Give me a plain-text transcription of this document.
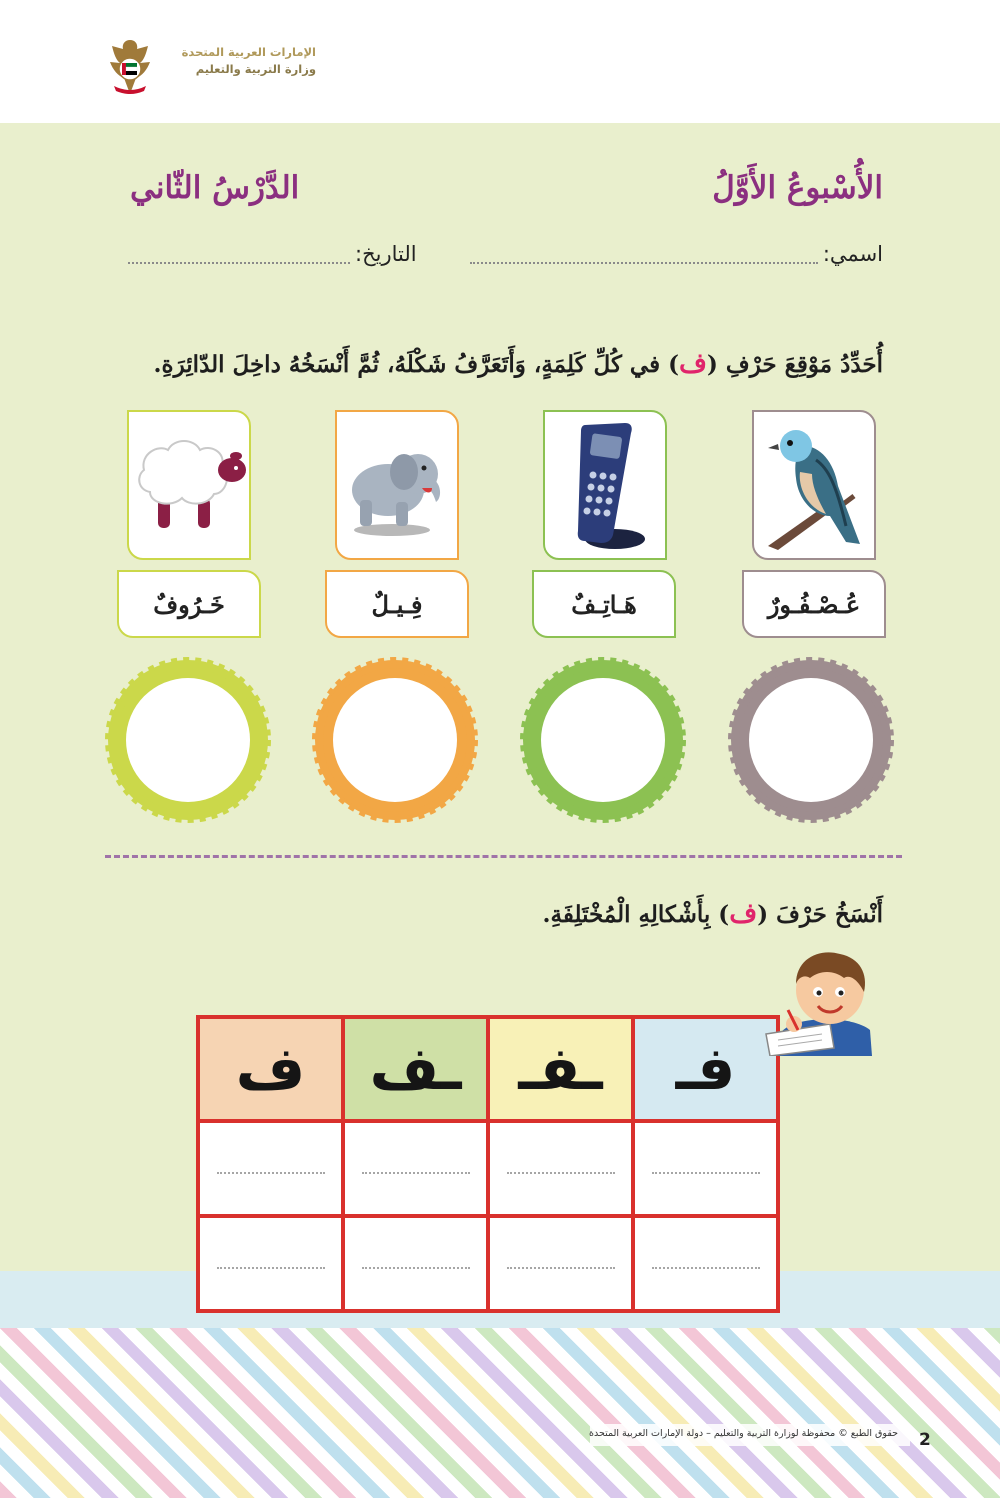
الإمارات العربية المتحدة
وزارة التربية والتعليم
حقوق الطبع © محفوظة لوزارة التربية والتعليم – دولة الإمارات العربية المتحدة 2
الأُسْبوعُ الأَوَّلُ
الدَّرْسُ الثّاني
اسمي:
التاريخ:
أُحَدِّدُ مَوْقِعَ حَرْفِ (ف) في كُلِّ كَلِمَةٍ، وَأَتَعَرَّفُ شَكْلَهُ، ثُمَّ أَنْسَخُهُ داخِلَ الدّائِرَةِ.
عُـصْـفُـورٌ
هَـاتِـفٌ
فِـيـلٌ
خَـرُوفٌ
أَنْسَخُ حَرْفَ (ف) بِأَشْكالِهِ الْمُخْتَلِفَةِ.
ف	ـف	ـفـ	فـ
